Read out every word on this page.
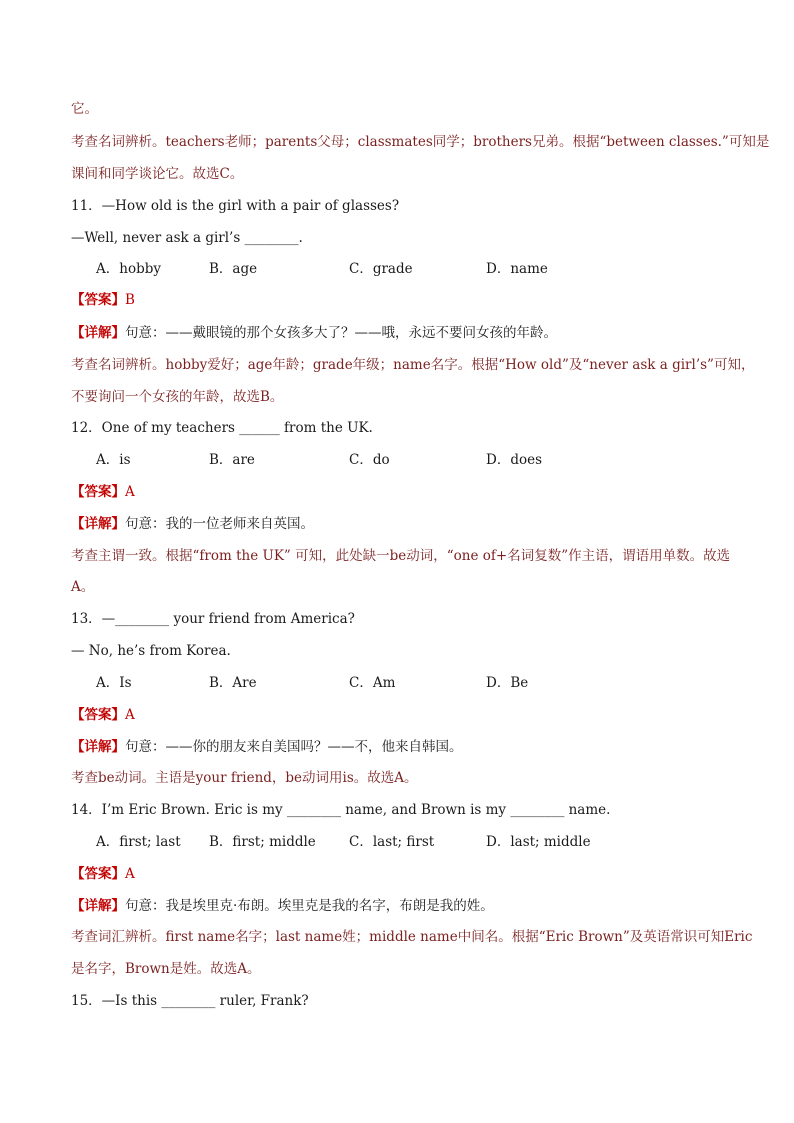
它。
考查名词辨析。teachers老师；parents父母；classmates同学；brothers兄弟。根据“between classes.”可知是
课间和同学谈论它。故选C。
11．—How old is the girl with a pair of glasses?
—Well, never ask a girl’s ________.
A．hobby	B．age	C．grade	D．name
【答案】B
【详解】句意：——戴眼镜的那个女孩多大了？——哦，永远不要问女孩的年龄。
考查名词辨析。hobby爱好；age年龄；grade年级；name名字。根据“How old”及“never ask a girl’s”可知，
不要询问一个女孩的年龄，故选B。
12．One of my teachers ______ from the UK.
A．is	B．are	C．do	D．does
【答案】A
【详解】句意：我的一位老师来自英国。
考查主谓一致。根据“from the UK” 可知，此处缺一be动词，“one of+名词复数”作主语，谓语用单数。故选
A。
13．—________ your friend from America?
— No, he’s from Korea.
A．Is	B．Are	C．Am	D．Be
【答案】A
【详解】句意：——你的朋友来自美国吗？——不，他来自韩国。
考查be动词。主语是your friend，be动词用is。故选A。
14．I’m Eric Brown. Eric is my ________ name, and Brown is my ________ name.
A．first; last B．first; middle C．last; first	D．last; middle
【答案】A
【详解】句意：我是埃里克·布朗。埃里克是我的名字，布朗是我的姓。
考查词汇辨析。first name名字；last name姓；middle name中间名。根据“Eric Brown”及英语常识可知Eric
是名字，Brown是姓。故选A。
15．—Is this ________ ruler, Frank?
